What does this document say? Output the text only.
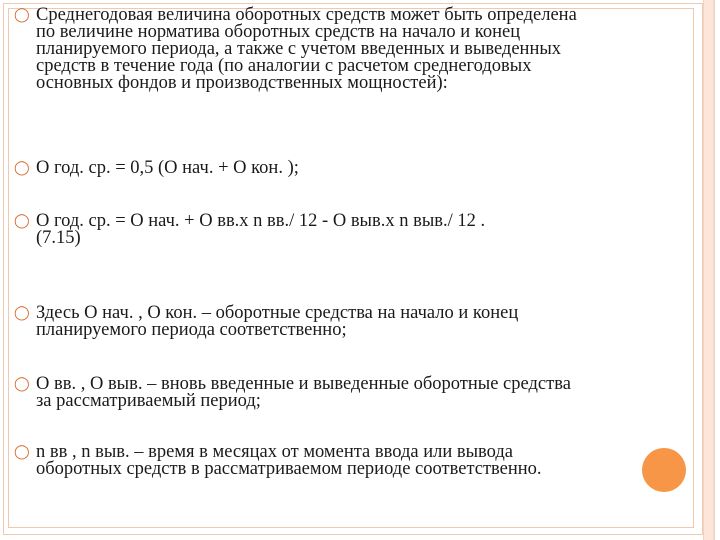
◯ Среднегодовая величина оборотных средств может быть определена
по величине норматива оборотных средств на начало и конец
планируемого периода, а также с учетом введенных и выведенных
средств в течение года (по аналогии с расчетом среднегодовых
основных фондов и производственных мощностей):
◯ О год. ср. = 0,5 (О нач. + О кон. );
◯ О год. ср. = О нач. + О вв.х n вв./ 12 - О выв.х n выв./ 12 .
(7.15)
◯ Здесь О нач. , О кон. – оборотные средства на начало и конец
планируемого периода соответственно;
◯ О вв. , О выв. – вновь введенные и выведенные оборотные средства
за рассматриваемый период;
◯ n вв , n выв. – время в месяцах от момента ввода или вывода
оборотных средств в рассматриваемом периоде соответственно.
